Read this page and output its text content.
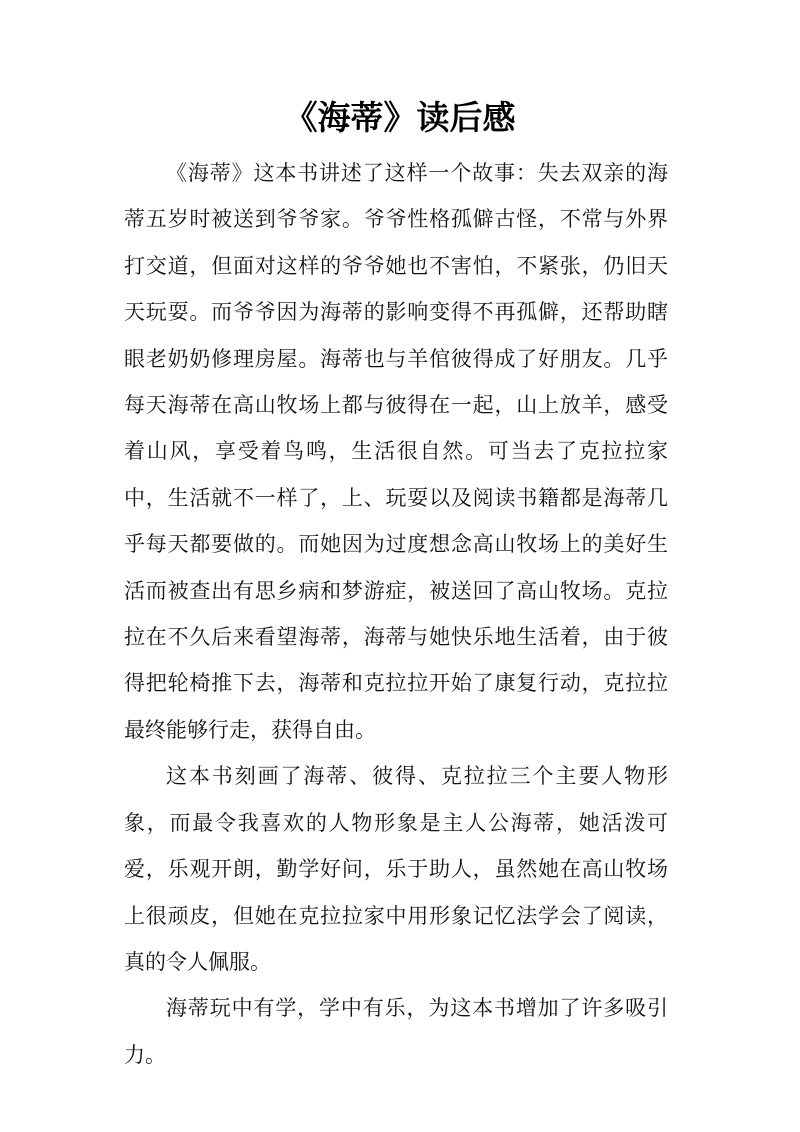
《海蒂》读后感

《海蒂》这本书讲述了这样一个故事：失去双亲的海蒂五岁时被送到爷爷家。爷爷性格孤僻古怪，不常与外界打交道，但面对这样的爷爷她也不害怕，不紧张，仍旧天天玩耍。而爷爷因为海蒂的影响变得不再孤僻，还帮助瞎眼老奶奶修理房屋。海蒂也与羊倌彼得成了好朋友。几乎每天海蒂在高山牧场上都与彼得在一起，山上放羊，感受着山风，享受着鸟鸣，生活很自然。可当去了克拉拉家中，生活就不一样了，上、玩耍以及阅读书籍都是海蒂几乎每天都要做的。而她因为过度想念高山牧场上的美好生活而被查出有思乡病和梦游症，被送回了高山牧场。克拉拉在不久后来看望海蒂，海蒂与她快乐地生活着，由于彼得把轮椅推下去，海蒂和克拉拉开始了康复行动，克拉拉最终能够行走，获得自由。

这本书刻画了海蒂、彼得、克拉拉三个主要人物形象，而最令我喜欢的人物形象是主人公海蒂，她活泼可爱，乐观开朗，勤学好问，乐于助人，虽然她在高山牧场上很顽皮，但她在克拉拉家中用形象记忆法学会了阅读，真的令人佩服。

海蒂玩中有学，学中有乐，为这本书增加了许多吸引力。
